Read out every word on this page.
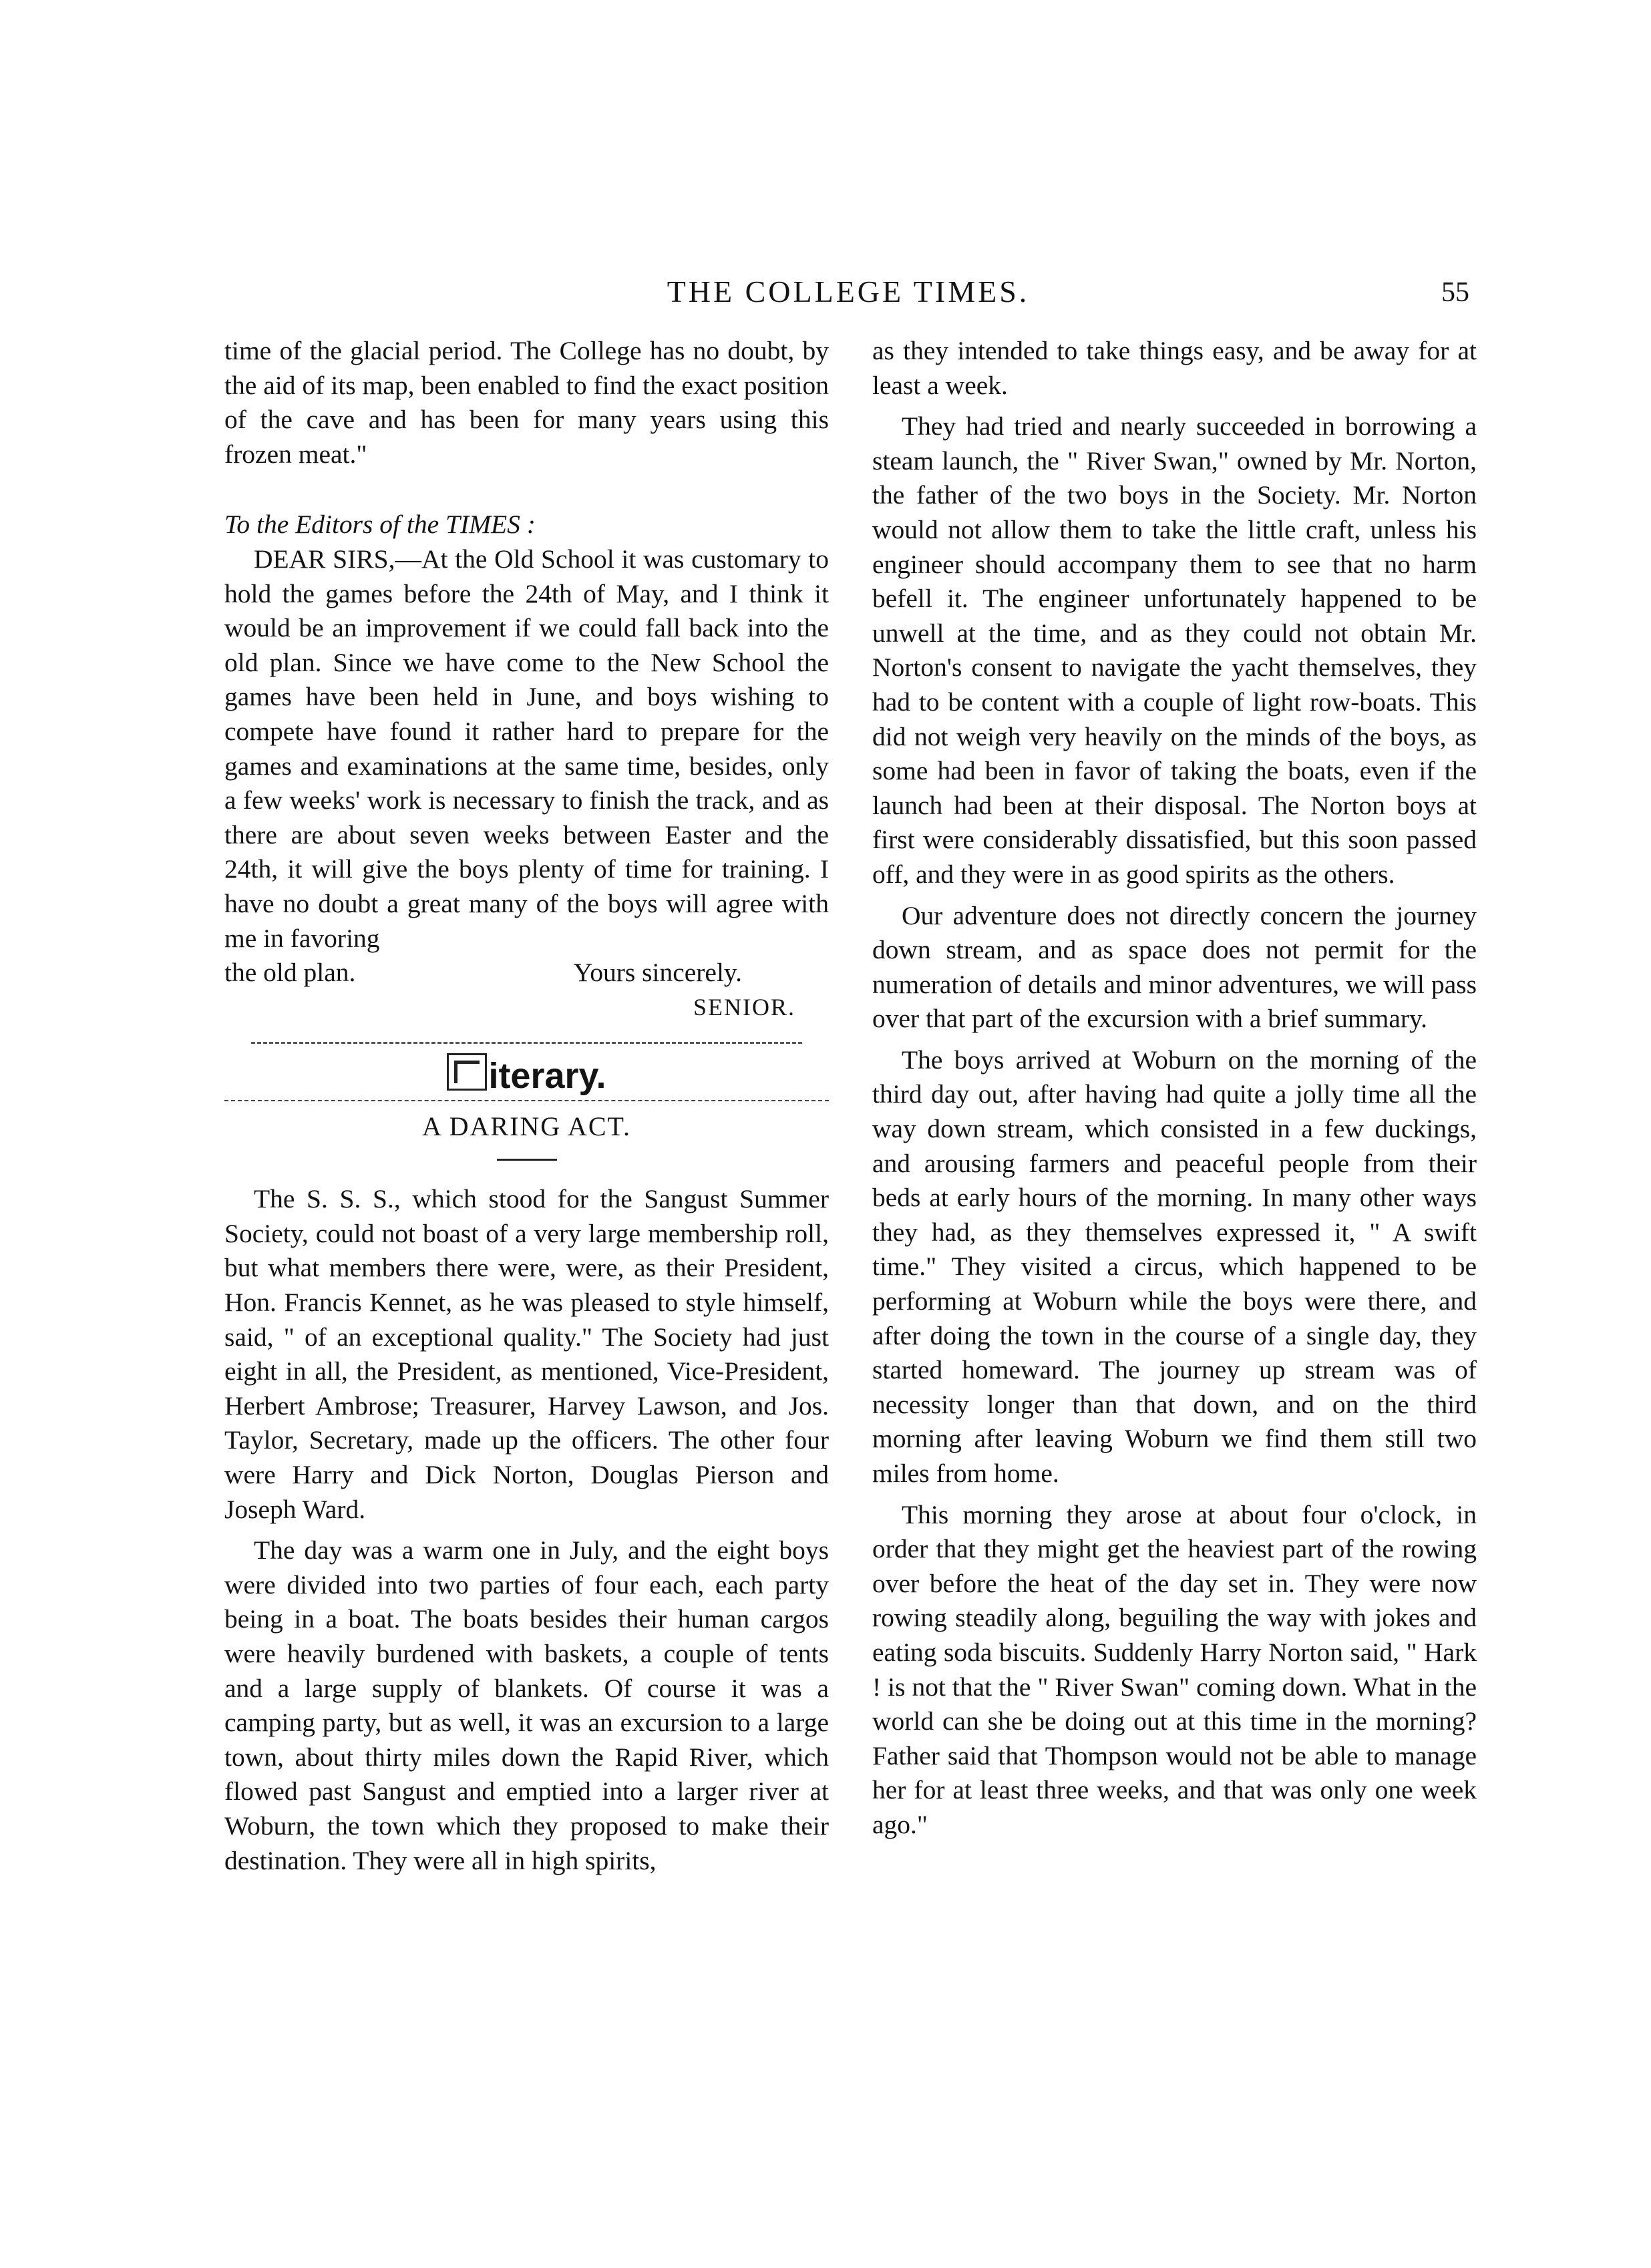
THE COLLEGE TIMES.	55

time of the glacial period. The College has no doubt, by the aid of its map, been enabled to find the exact position of the cave and has been for many years using this frozen meat."

To the Editors of the TIMES :

DEAR SIRS,—At the Old School it was customary to hold the games before the 24th of May, and I think it would be an improvement if we could fall back into the old plan. Since we have come to the New School the games have been held in June, and boys wishing to compete have found it rather hard to prepare for the games and examinations at the same time, besides, only a few weeks' work is necessary to finish the track, and as there are about seven weeks between Easter and the 24th, it will give the boys plenty of time for training. I have no doubt a great many of the boys will agree with me in favoring

the old plan.	Yours sincerely.
SENIOR.
iterary.
A DARING ACT.

The S. S. S., which stood for the Sangust Summer Society, could not boast of a very large membership roll, but what members there were, were, as their President, Hon. Francis Kennet, as he was pleased to style himself, said, " of an exceptional quality." The Society had just eight in all, the President, as mentioned, Vice-President, Herbert Ambrose; Treasurer, Harvey Lawson, and Jos. Taylor, Secretary, made up the officers. The other four were Harry and Dick Norton, Douglas Pierson and Joseph Ward.

The day was a warm one in July, and the eight boys were divided into two parties of four each, each party being in a boat. The boats besides their human cargos were heavily burdened with baskets, a couple of tents and a large supply of blankets. Of course it was a camping party, but as well, it was an excursion to a large town, about thirty miles down the Rapid River, which flowed past Sangust and emptied into a larger river at Woburn, the town which they proposed to make their destination. They were all in high spirits,

as they intended to take things easy, and be away for at least a week.

They had tried and nearly succeeded in borrowing a steam launch, the " River Swan," owned by Mr. Norton, the father of the two boys in the Society. Mr. Norton would not allow them to take the little craft, unless his engineer should accompany them to see that no harm befell it. The engineer unfortunately happened to be unwell at the time, and as they could not obtain Mr. Norton's consent to navigate the yacht themselves, they had to be content with a couple of light row-boats. This did not weigh very heavily on the minds of the boys, as some had been in favor of taking the boats, even if the launch had been at their disposal. The Norton boys at first were considerably dissatisfied, but this soon passed off, and they were in as good spirits as the others.

Our adventure does not directly concern the journey down stream, and as space does not permit for the numeration of details and minor adventures, we will pass over that part of the excursion with a brief summary.

The boys arrived at Woburn on the morning of the third day out, after having had quite a jolly time all the way down stream, which consisted in a few duckings, and arousing farmers and peaceful people from their beds at early hours of the morning. In many other ways they had, as they themselves expressed it, " A swift time." They visited a circus, which happened to be performing at Woburn while the boys were there, and after doing the town in the course of a single day, they started homeward. The journey up stream was of necessity longer than that down, and on the third morning after leaving Woburn we find them still two miles from home.

This morning they arose at about four o'clock, in order that they might get the heaviest part of the rowing over before the heat of the day set in. They were now rowing steadily along, beguiling the way with jokes and eating soda biscuits. Suddenly Harry Norton said, " Hark ! is not that the " River Swan" coming down. What in the world can she be doing out at this time in the morning? Father said that Thompson would not be able to manage her for at least three weeks, and that was only one week ago."
